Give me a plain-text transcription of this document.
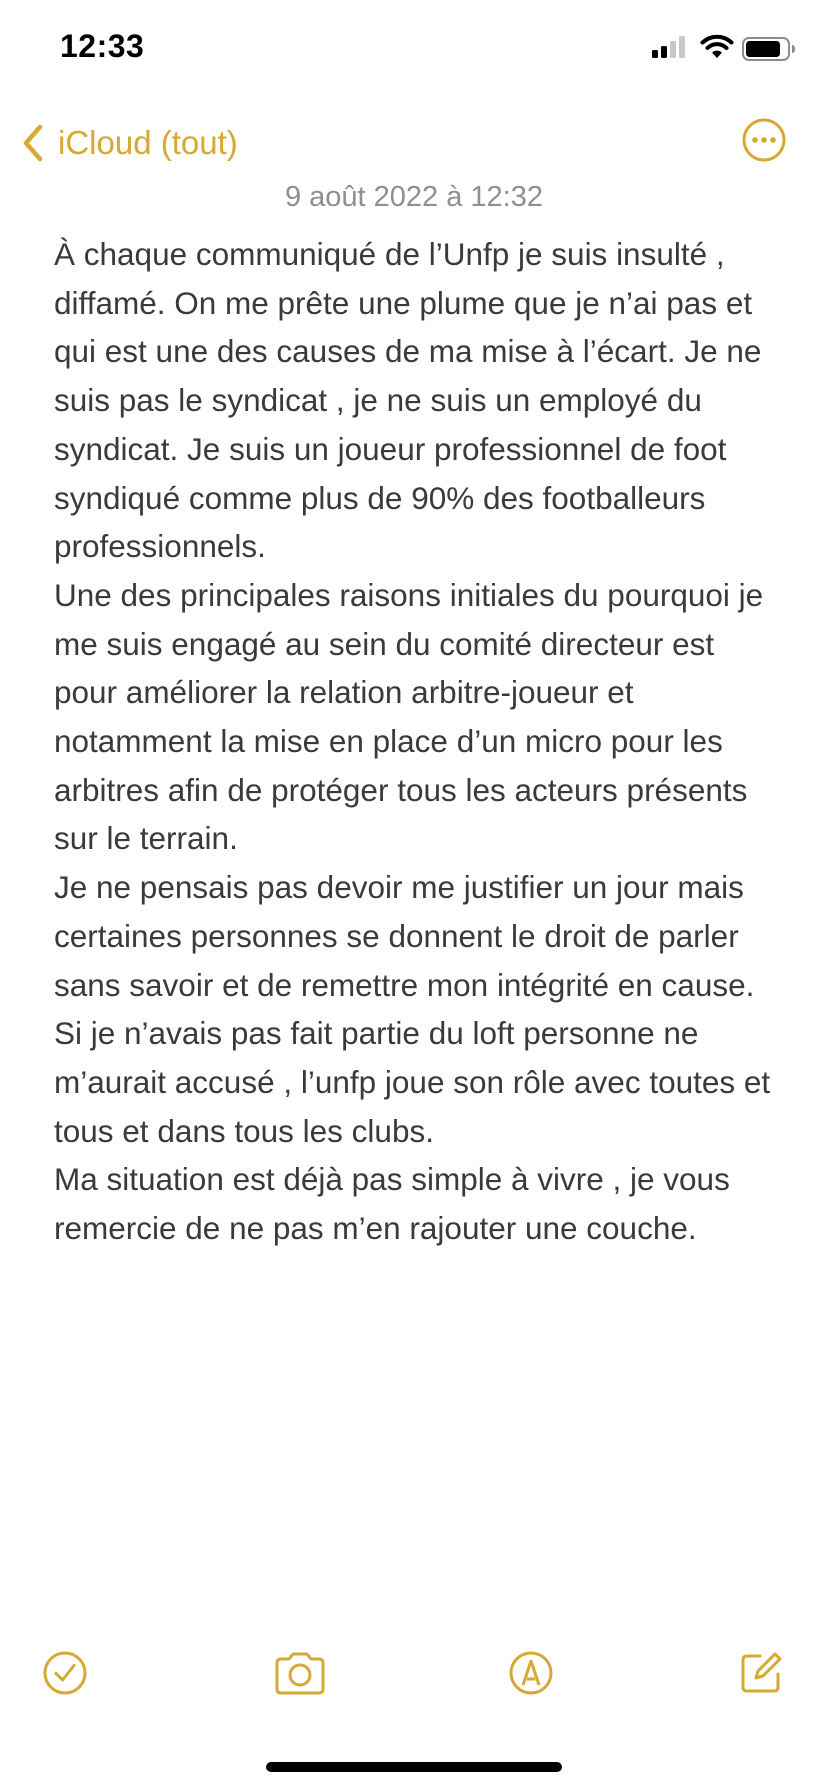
12:33
iCloud (tout)
9 août 2022 à 12:32

À chaque communiqué de l’Unfp je suis insulté , diffamé. On me prête une plume que je n’ai pas et qui est une des causes de ma mise à l’écart. Je ne suis pas le syndicat , je ne suis un employé du syndicat. Je suis un joueur professionnel de foot syndiqué comme plus de 90% des footballeurs professionnels.

Une des principales raisons initiales du pourquoi je me suis engagé au sein du comité directeur est pour améliorer la relation arbitre-joueur et notamment la mise en place d’un micro pour les arbitres afin de protéger tous les acteurs présents sur le terrain.

Je ne pensais pas devoir me justifier un jour mais certaines personnes se donnent le droit de parler sans savoir et de remettre mon intégrité en cause.

Si je n’avais pas fait partie du loft personne ne m’aurait accusé , l’unfp joue son rôle avec toutes et tous et dans tous les clubs.

Ma situation est déjà pas simple à vivre , je vous remercie de ne pas m’en rajouter une couche.
